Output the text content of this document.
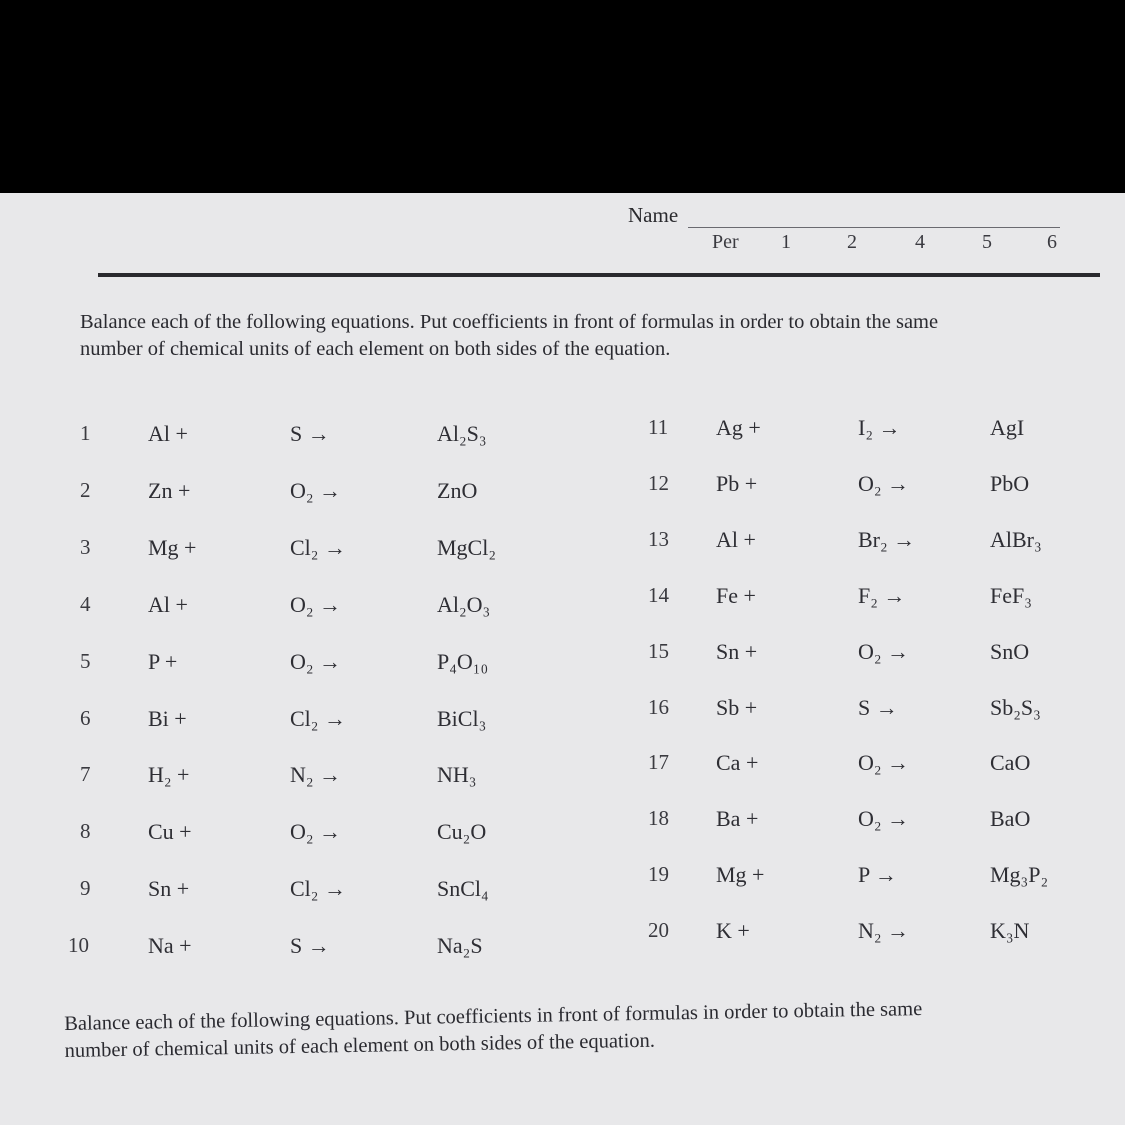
Name
Per 1	2	4	5	6
Balance each of the following equations. Put coefficients in front of formulas in order to obtain the same
number of chemical units of each element on both sides of the equation.
1	Al +	S →	Al₂S₃
2	Zn +	O₂ →	ZnO
3	Mg +	Cl₂ →	MgCl₂
4	Al +	O₂ →	Al₂O₃
5	P +	O₂ →	P₄O₁₀
6	Bi +	Cl₂ →	BiCl₃
7	H₂ +	N₂ →	NH₃
8	Cu +	O₂ →	Cu₂O
9	Sn +	Cl₂ →	SnCl₄
10	Na +	S →	Na₂S
11 Ag +	I₂ →	AgI
12 Pb +	O₂ →	PbO
13 Al +	Br₂ →	AlBr₃
14 Fe +	F₂ →	FeF₃
15 Sn +	O₂ →	SnO
16 Sb +	S →	Sb₂S₃
17 Ca +	O₂ →	CaO
18 Ba +	O₂ →	BaO
19 Mg +	P →	Mg₃P₂
20 K +	N₂ →	K₃N
Balance each of the following equations. Put coefficients in front of formulas in order to obtain the same
number of chemical units of each element on both sides of the equation.
